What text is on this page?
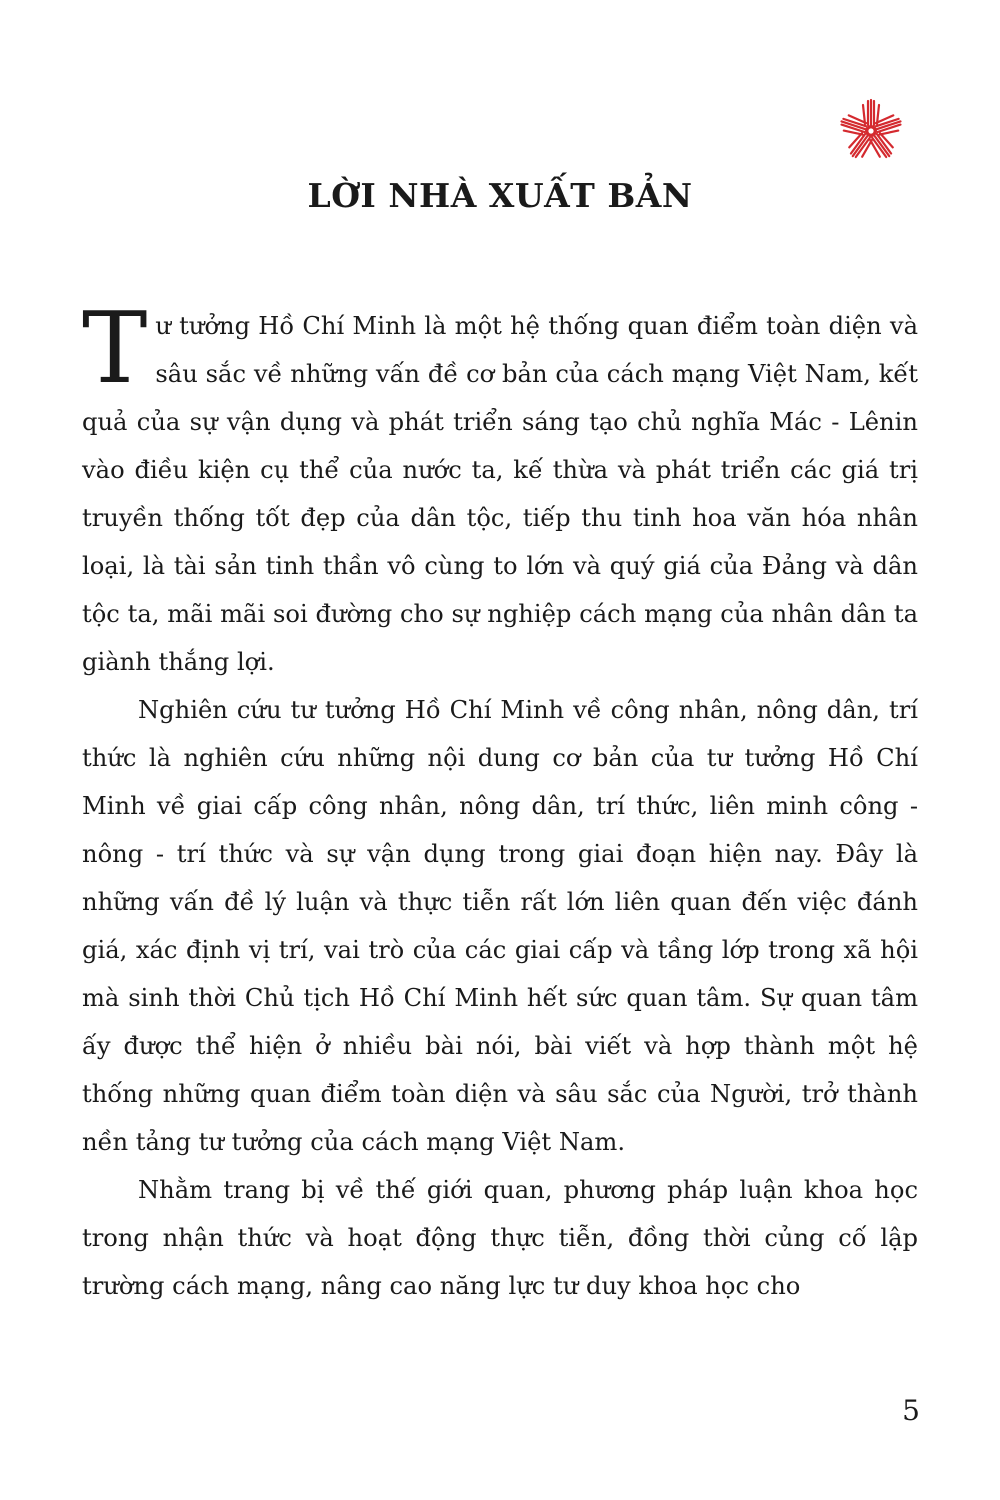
LỜI NHÀ XUẤT BẢN

Tư tưởng Hồ Chí Minh là một hệ thống quan điểm toàn diện và sâu sắc về những vấn đề cơ bản của cách mạng Việt Nam, kết quả của sự vận dụng và phát triển sáng tạo chủ nghĩa Mác - Lênin vào điều kiện cụ thể của nước ta, kế thừa và phát triển các giá trị truyền thống tốt đẹp của dân tộc, tiếp thu tinh hoa văn hóa nhân loại, là tài sản tinh thần vô cùng to lớn và quý giá của Đảng và dân tộc ta, mãi mãi soi đường cho sự nghiệp cách mạng của nhân dân ta giành thắng lợi.

Nghiên cứu tư tưởng Hồ Chí Minh về công nhân, nông dân, trí thức là nghiên cứu những nội dung cơ bản của tư tưởng Hồ Chí Minh về giai cấp công nhân, nông dân, trí thức, liên minh công - nông - trí thức và sự vận dụng trong giai đoạn hiện nay. Đây là những vấn đề lý luận và thực tiễn rất lớn liên quan đến việc đánh giá, xác định vị trí, vai trò của các giai cấp và tầng lớp trong xã hội mà sinh thời Chủ tịch Hồ Chí Minh hết sức quan tâm. Sự quan tâm ấy được thể hiện ở nhiều bài nói, bài viết và hợp thành một hệ thống những quan điểm toàn diện và sâu sắc của Người, trở thành nền tảng tư tưởng của cách mạng Việt Nam.

Nhằm trang bị về thế giới quan, phương pháp luận khoa học trong nhận thức và hoạt động thực tiễn, đồng thời củng cố lập trường cách mạng, nâng cao năng lực tư duy khoa học cho

5
